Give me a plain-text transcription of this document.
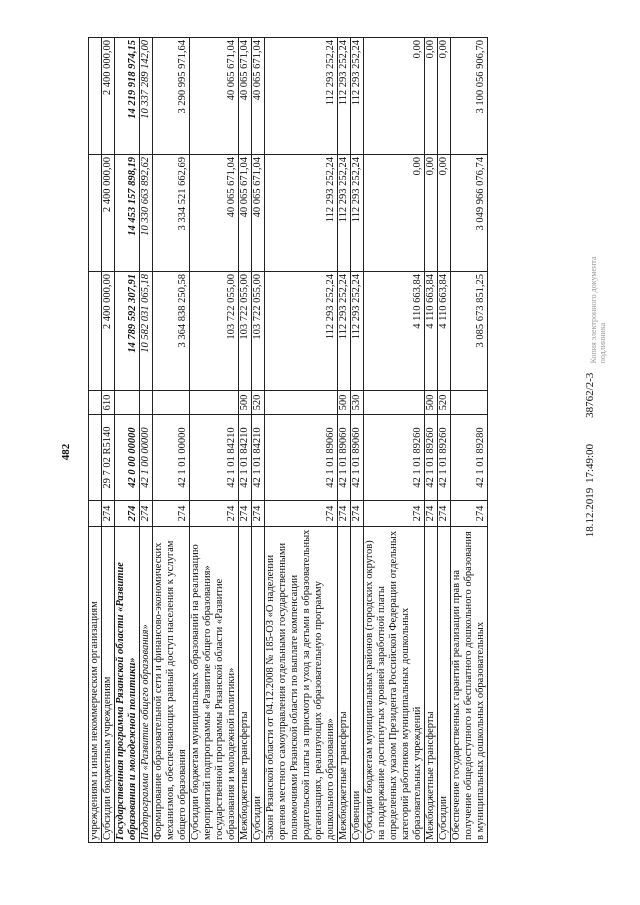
482
Копия электронного документа подлинника
18.12.2019 17:49:0038762/2-3
учреждениям и иным некоммерческим организациям						
Субсидии бюджетным учреждениям	274	29 7 02 R5140	610	2 400 000,00	2 400 000,00	2 400 000,00
Государственная программа Рязанской области «Развитие образования и молодежной политики»	274	42 0 00 00000		14 789 592 307,91	14 453 157 898,19	14 219 918 974,15
Подпрограмма «Развитие общего образования»	274	42 1 00 00000		10 582 031 065,18	10 330 663 892,62	10 337 289 142,00
Формирование образовательной сети и финансово-экономических механизмов, обеспечивающих равный доступ населения к услугам общего образования	274	42 1 01 00000		3 364 838 250,58	3 334 521 662,69	3 290 995 971,64
Субсидии бюджетам муниципальных образований на реализацию мероприятий подпрограммы «Развитие общего образования» государственной программы Рязанской области «Развитие образования и молодежной политики»	274	42 1 01 84210		103 722 055,00	40 065 671,04	40 065 671,04
Межбюджетные трансферты	274	42 1 01 84210	500	103 722 055,00	40 065 671,04	40 065 671,04
Субсидии	274	42 1 01 84210	520	103 722 055,00	40 065 671,04	40 065 671,04
Закон Рязанской области от 04.12.2008 № 185-ОЗ «О наделении органов местного самоуправления отдельными государственными полномочиями Рязанской области по выплате компенсации родительской платы за присмотр и уход за детьми в образовательных организациях, реализующих образовательную программу дошкольного образования»	274	42 1 01 89060		112 293 252,24	112 293 252,24	112 293 252,24
Межбюджетные трансферты	274	42 1 01 89060	500	112 293 252,24	112 293 252,24	112 293 252,24
Субвенции	274	42 1 01 89060	530	112 293 252,24	112 293 252,24	112 293 252,24
Субсидии бюджетам муниципальных районов (городских округов) на поддержание достигнутых уровней заработной платы определенных указом Президента Российской Федерации отдельных категорий работников муниципальных дошкольных образовательных учреждений	274	42 1 01 89260		4 110 663,84	0,00	0,00
Межбюджетные трансферты	274	42 1 01 89260	500	4 110 663,84	0,00	0,00
Субсидии	274	42 1 01 89260	520	4 110 663,84	0,00	0,00
Обеспечение государственных гарантий реализации прав на получение общедоступного и бесплатного дошкольного образования в муниципальных дошкольных образовательных	274	42 1 01 89280		3 085 673 851,25	3 049 966 076,74	3 100 056 906,70
